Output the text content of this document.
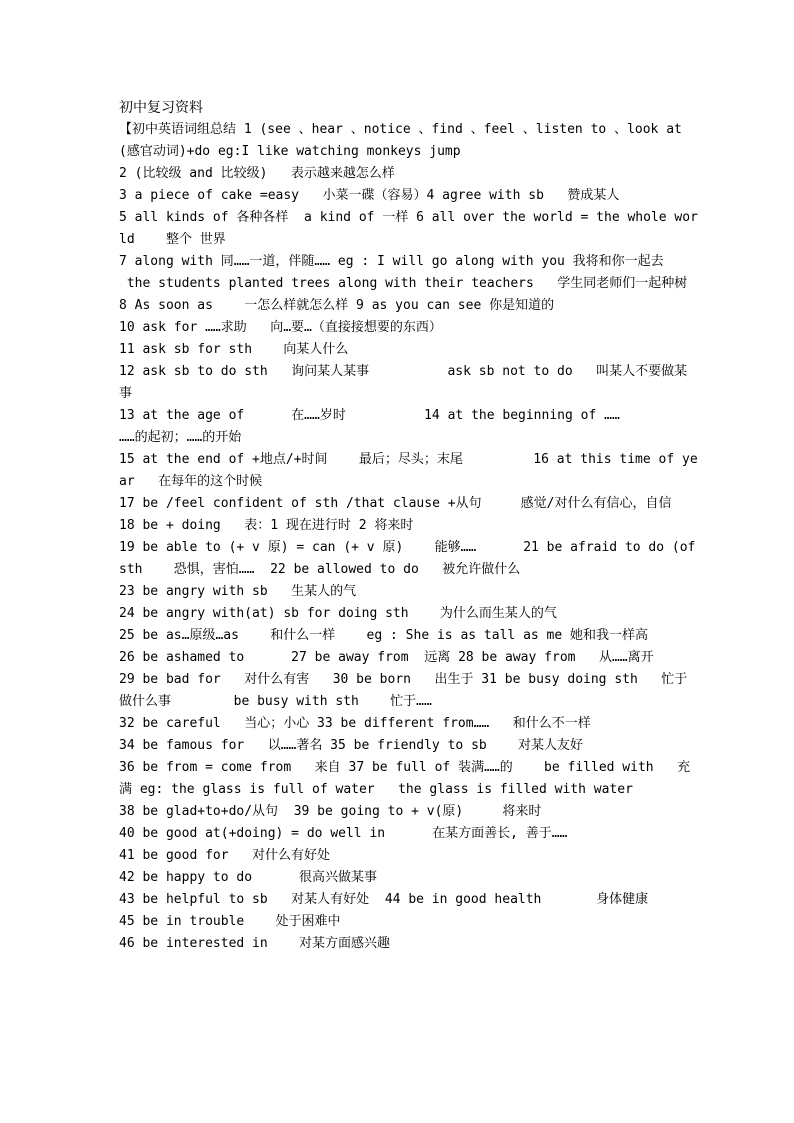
初中复习资料
【初中英语词组总结 1 (see 、hear 、notice 、find 、feel 、listen to 、look at (感官动词)+do eg:I like watching monkeys jump
2 (比较级 and 比较级)   表示越来越怎么样
3 a piece of cake =easy   小菜一碟（容易）4 agree with sb   赞成某人
5 all kinds of 各种各样  a kind of 一样 6 all over the world = the whole world    整个 世界
7 along with 同……一道，伴随…… eg : I will go along with you 我将和你一起去
the students planted trees along with their teachers   学生同老师们一起种树
8 As soon as    一怎么样就怎么样 9 as you can see 你是知道的
10 ask for ……求助   向…要…（直接接想要的东西）
11 ask sb for sth    向某人什么
12 ask sb to do sth   询问某人某事          ask sb not to do   叫某人不要做某事
13 at the age of      在……岁时          14 at the beginning of ……          ……的起初；……的开始
15 at the end of +地点/+时间    最后；尽头；末尾         16 at this time of year   在每年的这个时候
17 be /feel confident of sth /that clause +从句     感觉/对什么有信心，自信
18 be + doing   表：1 现在进行时 2 将来时
19 be able to (+ v 原) = can (+ v 原)    能够……      21 be afraid to do (of sth    恐惧，害怕……  22 be allowed to do   被允许做什么
23 be angry with sb   生某人的气
24 be angry with(at) sb for doing sth    为什么而生某人的气
25 be as…原级…as    和什么一样    eg : She is as tall as me 她和我一样高
26 be ashamed to      27 be away from  远离 28 be away from   从……离开
29 be bad for   对什么有害   30 be born   出生于 31 be busy doing sth   忙于做什么事        be busy with sth    忙于……
32 be careful   当心；小心 33 be different from……   和什么不一样
34 be famous for   以……著名 35 be friendly to sb    对某人友好
36 be from = come from   来自 37 be full of 装满……的    be filled with   充满 eg: the glass is full of water   the glass is filled with water
38 be glad+to+do/从句  39 be going to + v(原)     将来时
40 be good at(+doing) = do well in      在某方面善长, 善于……
41 be good for   对什么有好处
42 be happy to do      很高兴做某事
43 be helpful to sb   对某人有好处  44 be in good health       身体健康
45 be in trouble    处于困难中
46 be interested in    对某方面感兴趣
